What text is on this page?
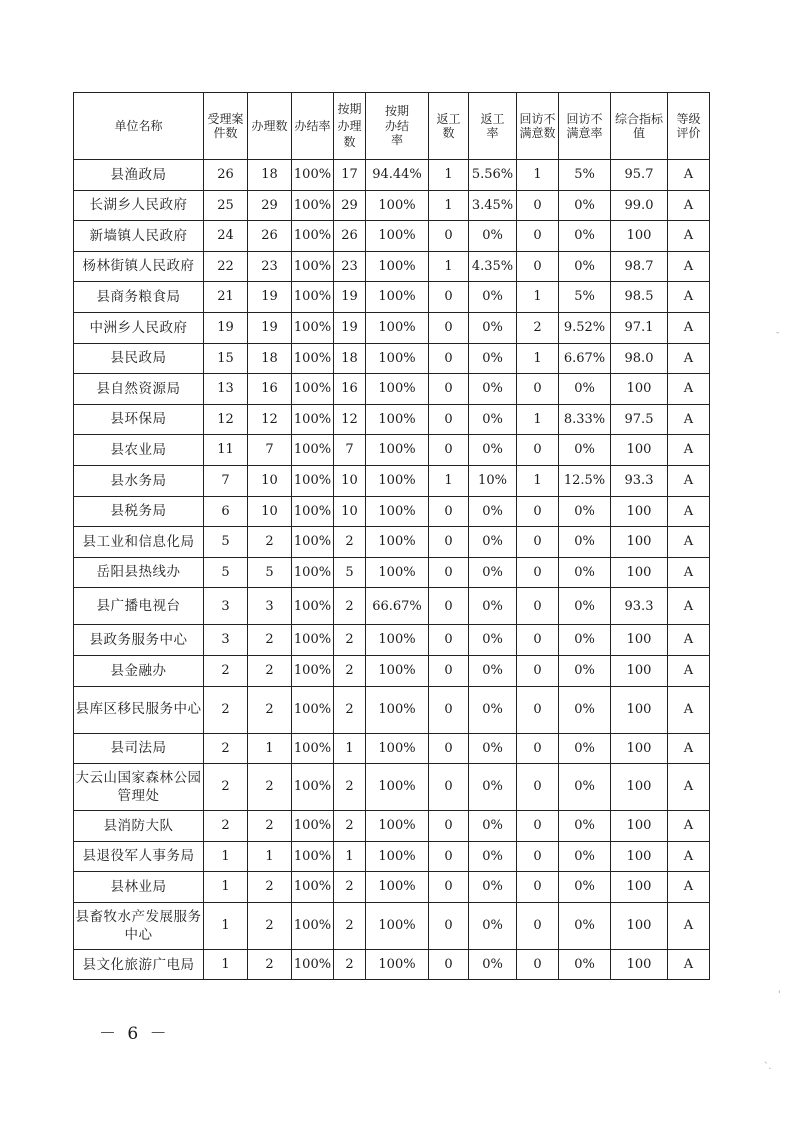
单位名称	受理案件数	办理数	办结率	按期办理数	按期办结率	返工数	返工率	回访不满意数	回访不满意率	综合指标值	等级评价
县渔政局	26	18	100%	17	94.44%	1	5.56%	1	5%	95.7	A
长湖乡人民政府	25	29	100%	29	100%	1	3.45%	0	0%	99.0	A
新墙镇人民政府	24	26	100%	26	100%	0	0%	0	0%	100	A
杨林街镇人民政府	22	23	100%	23	100%	1	4.35%	0	0%	98.7	A
县商务粮食局	21	19	100%	19	100%	0	0%	1	5%	98.5	A
中洲乡人民政府	19	19	100%	19	100%	0	0%	2	9.52%	97.1	A
县民政局	15	18	100%	18	100%	0	0%	1	6.67%	98.0	A
县自然资源局	13	16	100%	16	100%	0	0%	0	0%	100	A
县环保局	12	12	100%	12	100%	0	0%	1	8.33%	97.5	A
县农业局	11	7	100%	7	100%	0	0%	0	0%	100	A
县水务局	7	10	100%	10	100%	1	10%	1	12.5%	93.3	A
县税务局	6	10	100%	10	100%	0	0%	0	0%	100	A
县工业和信息化局	5	2	100%	2	100%	0	0%	0	0%	100	A
岳阳县热线办	5	5	100%	5	100%	0	0%	0	0%	100	A
县广播电视台	3	3	100%	2	66.67%	0	0%	0	0%	93.3	A
县政务服务中心	3	2	100%	2	100%	0	0%	0	0%	100	A
县金融办	2	2	100%	2	100%	0	0%	0	0%	100	A
县库区移民服务中心	2	2	100%	2	100%	0	0%	0	0%	100	A
县司法局	2	1	100%	1	100%	0	0%	0	0%	100	A
大云山国家森林公园管理处	2	2	100%	2	100%	0	0%	0	0%	100	A
县消防大队	2	2	100%	2	100%	0	0%	0	0%	100	A
县退役军人事务局	1	1	100%	1	100%	0	0%	0	0%	100	A
县林业局	1	2	100%	2	100%	0	0%	0	0%	100	A
县畜牧水产发展服务中心	1	2	100%	2	100%	0	0%	0	0%	100	A
县文化旅游广电局	1	2	100%	2	100%	0	0%	0	0%	100	A
－ 6 －
-
'
`.
